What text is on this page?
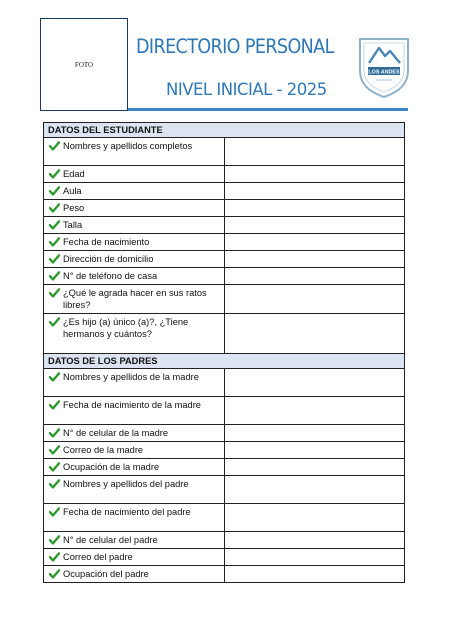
FOTO
DIRECTORIO PERSONAL
NIVEL INICIAL - 2025
LOS ANDES
DATOS DEL ESTUDIANTE	

Nombres y apellidos completos	

Edad	

Aula	

Peso	

Talla	

Fecha de nacimiento	

Dirección de domicilio	

N° de teléfono de casa	

¿Qué le agrada hacer en sus ratos libres?	

¿Es hijo (a) único (a)?, ¿Tiene hermanos y cuántos?	

DATOS DE LOS PADRES	

Nombres y apellidos de la madre	

Fecha de nacimiento de la madre	

N° de celular de la madre	

Correo de la madre	

Ocupación de la madre	

Nombres y apellidos del padre	

Fecha de nacimiento del padre	

N° de celular del padre	

Correo del padre	

Ocupación del padre	
